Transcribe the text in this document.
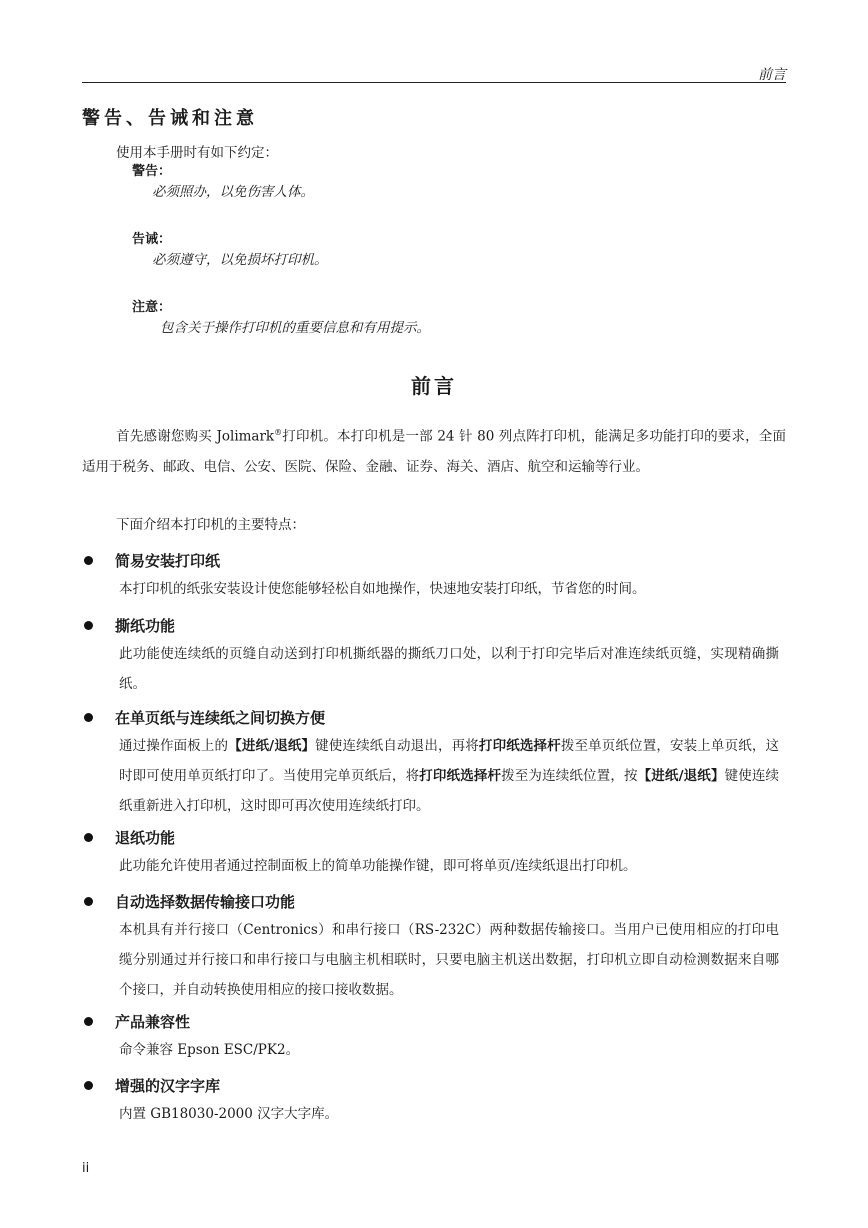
前言
警告、告诫和注意
使用本手册时有如下约定：
警告：
必须照办，以免伤害人体。
告诫：
必须遵守，以免损坏打印机。
注意：
包含关于操作打印机的重要信息和有用提示。
前言
首先感谢您购买 Jolimark®打印机。本打印机是一部 24 针 80 列点阵打印机，能满足多功能打印的要求，全面适用于税务、邮政、电信、公安、医院、保险、金融、证券、海关、酒店、航空和运输等行业。
下面介绍本打印机的主要特点：
简易安装打印纸
本打印机的纸张安装设计使您能够轻松自如地操作，快速地安装打印纸，节省您的时间。
撕纸功能
此功能使连续纸的页缝自动送到打印机撕纸器的撕纸刀口处，以利于打印完毕后对准连续纸页缝，实现精确撕纸。
在单页纸与连续纸之间切换方便
通过操作面板上的【进纸/退纸】键使连续纸自动退出，再将打印纸选择杆拨至单页纸位置，安装上单页纸，这时即可使用单页纸打印了。当使用完单页纸后，将打印纸选择杆拨至为连续纸位置，按【进纸/退纸】键使连续纸重新进入打印机，这时即可再次使用连续纸打印。
退纸功能
此功能允许使用者通过控制面板上的简单功能操作键，即可将单页/连续纸退出打印机。
自动选择数据传输接口功能
本机具有并行接口（Centronics）和串行接口（RS-232C）两种数据传输接口。当用户已使用相应的打印电缆分别通过并行接口和串行接口与电脑主机相联时，只要电脑主机送出数据，打印机立即自动检测数据来自哪个接口，并自动转换使用相应的接口接收数据。
产品兼容性
命令兼容 Epson ESC/PK2。
增强的汉字字库
内置 GB18030-2000 汉字大字库。
ii
